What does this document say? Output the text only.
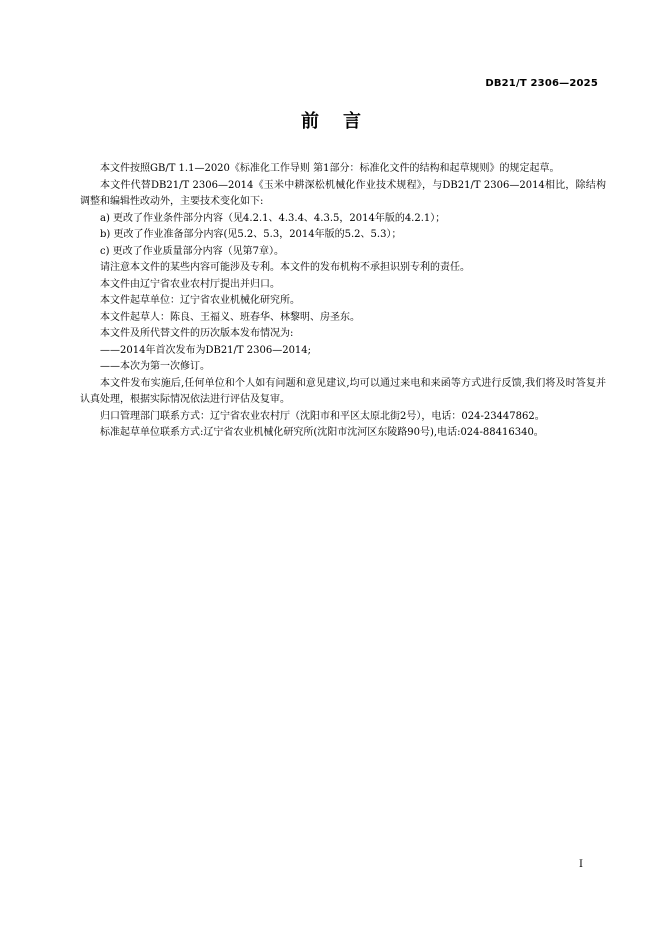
DB21/T 2306—2025
前言

本文件按照GB/T 1.1—2020《标准化工作导则 第1部分：标准化文件的结构和起草规则》的规定起草。

本文件代替DB21/T 2306—2014《玉米中耕深松机械化作业技术规程》，与DB21/T 2306—2014相比，除结构调整和编辑性改动外，主要技术变化如下:

a) 更改了作业条件部分内容（见4.2.1、4.3.4、4.3.5，2014年版的4.2.1）；

b) 更改了作业准备部分内容(见5.2、5.3，2014年版的5.2、5.3）；

c) 更改了作业质量部分内容（见第7章）。

请注意本文件的某些内容可能涉及专利。本文件的发布机构不承担识别专利的责任。

本文件由辽宁省农业农村厅提出并归口。

本文件起草单位：辽宁省农业机械化研究所。

本文件起草人：陈良、王福义、班春华、林黎明、房圣东。

本文件及所代替文件的历次版本发布情况为:

——2014年首次发布为DB21/T 2306—2014;

——本次为第一次修订。

本文件发布实施后,任何单位和个人如有问题和意见建议,均可以通过来电和来函等方式进行反馈,我们将及时答复并认真处理，根据实际情况依法进行评估及复审。

归口管理部门联系方式：辽宁省农业农村厅（沈阳市和平区太原北街2号），电话：024-23447862。

标准起草单位联系方式:辽宁省农业机械化研究所(沈阳市沈河区东陵路90号),电话:024-88416340。

I
